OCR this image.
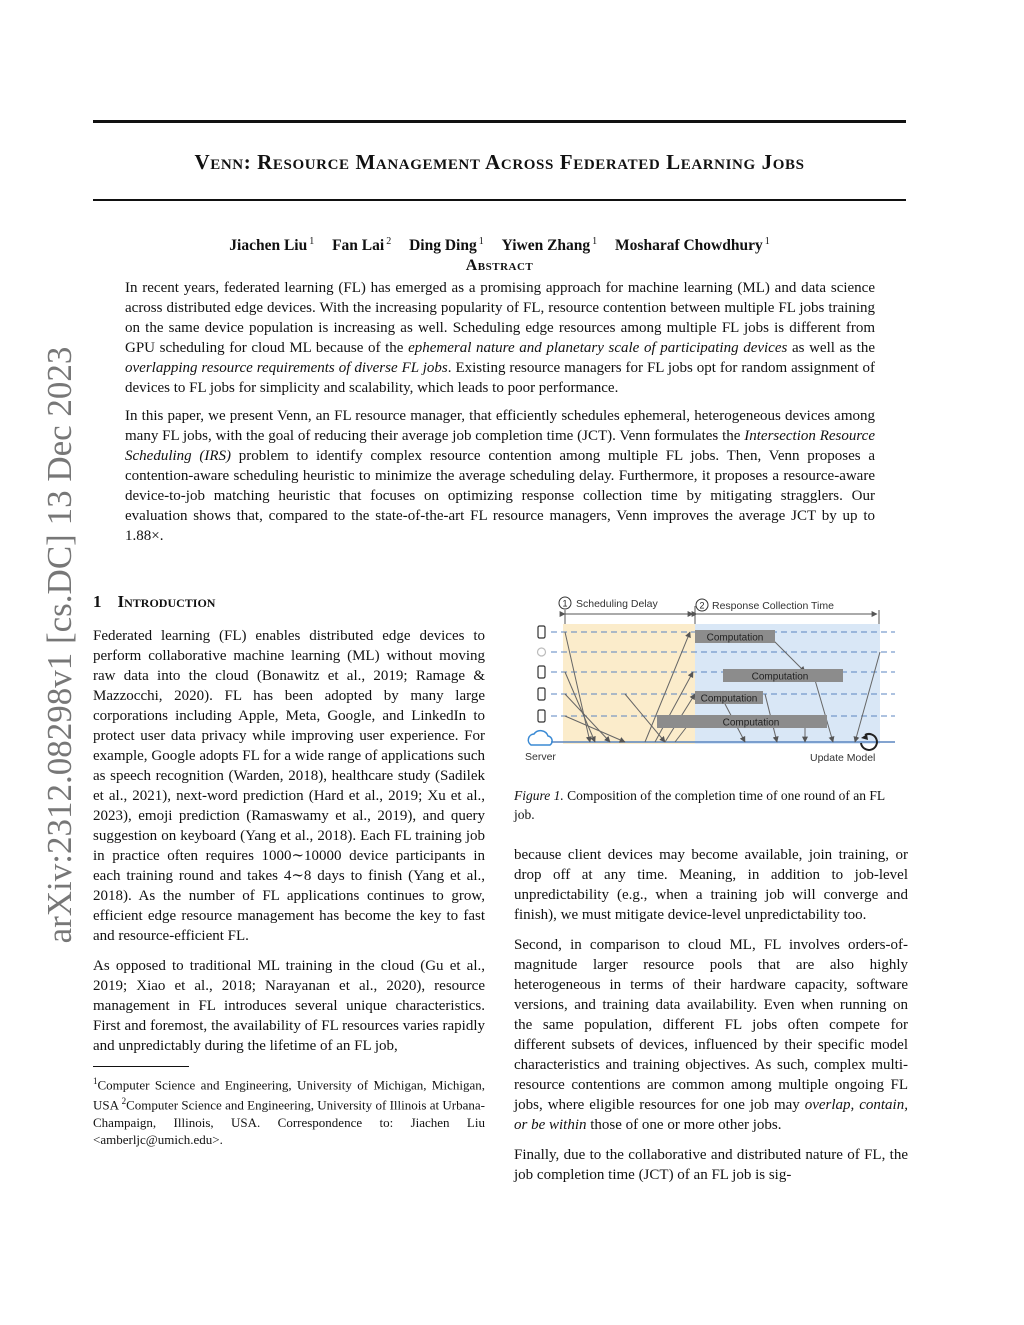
Venn: Resource Management Across Federated Learning Jobs
arXiv:2312.08298v1 [cs.DC] 13 Dec 2023
Jiachen Liu $^1$ Fan Lai $^2$ Ding Ding $^1$ Yiwen Zhang $^1$ Mosharaf Chowdhury $^1$
Abstract

In recent years, federated learning (FL) has emerged as a promising approach for machine learning (ML) and data science across distributed edge devices. With the increasing popularity of FL, resource contention between multiple FL jobs training on the same device population is increasing as well. Scheduling edge resources among multiple FL jobs is different from GPU scheduling for cloud ML because of the ephemeral nature and planetary scale of participating devices as well as the overlapping resource requirements of diverse FL jobs. Existing resource managers for FL jobs opt for random assignment of devices to FL jobs for simplicity and scalability, which leads to poor performance.

In this paper, we present Venn, an FL resource manager, that efficiently schedules ephemeral, heterogeneous devices among many FL jobs, with the goal of reducing their average job completion time (JCT). Venn formulates the Intersection Resource Scheduling (IRS) problem to identify complex resource contention among multiple FL jobs. Then, Venn proposes a contention-aware scheduling heuristic to minimize the average scheduling delay. Furthermore, it proposes a resource-aware device-to-job matching heuristic that focuses on optimizing response collection time by mitigating stragglers. Our evaluation shows that, compared to the state-of-the-art FL resource managers, Venn improves the average JCT by up to 1.88×.

1 Introduction

Federated learning (FL) enables distributed edge devices to perform collaborative machine learning (ML) without moving raw data into the cloud (Bonawitz et al., 2019; Ramage & Mazzocchi, 2020). FL has been adopted by many large corporations including Apple, Meta, Google, and LinkedIn to protect user data privacy while improving user experience. For example, Google adopts FL for a wide range of applications such as speech recognition (Warden, 2018), healthcare study (Sadilek et al., 2021), next-word prediction (Hard et al., 2019; Xu et al., 2023), emoji prediction (Ramaswamy et al., 2019), and query suggestion on keyboard (Yang et al., 2018). Each FL training job in practice often requires 1000∼10000 device participants in each training round and takes 4∼8 days to finish (Yang et al., 2018). As the number of FL applications continues to grow, efficient edge resource management has become the key to fast and resource-efficient FL.

As opposed to traditional ML training in the cloud (Gu et al., 2019; Xiao et al., 2018; Narayanan et al., 2020), resource management in FL introduces several unique characteristics. First and foremost, the availability of FL resources varies rapidly and unpredictably during the lifetime of an FL job,

$^1$Computer Science and Engineering, University of Michigan, Michigan, USA $^2$Computer Science and Engineering, University of Illinois at Urbana-Champaign, Illinois, USA. Correspondence to: Jiachen Liu <amberljc@umich.edu>.
1 Scheduling Delay	2 Response Collection Time
Computation
Computation
Computation
Computation
Server	Update Model
Figure 1. Composition of the completion time of one round of an FL job.

because client devices may become available, join training, or drop off at any time. Meaning, in addition to job-level unpredictability (e.g., when a training job will converge and finish), we must mitigate device-level unpredictability too.

Second, in comparison to cloud ML, FL involves orders-of-magnitude larger resource pools that are also highly heterogeneous in terms of their hardware capacity, software versions, and training data availability. Even when running on the same population, different FL jobs often compete for different subsets of devices, influenced by their specific model characteristics and training objectives. As such, complex multi-resource contentions are common among multiple ongoing FL jobs, where eligible resources for one job may overlap, contain, or be within those of one or more other jobs.

Finally, due to the collaborative and distributed nature of FL, the job completion time (JCT) of an FL job is sig-
